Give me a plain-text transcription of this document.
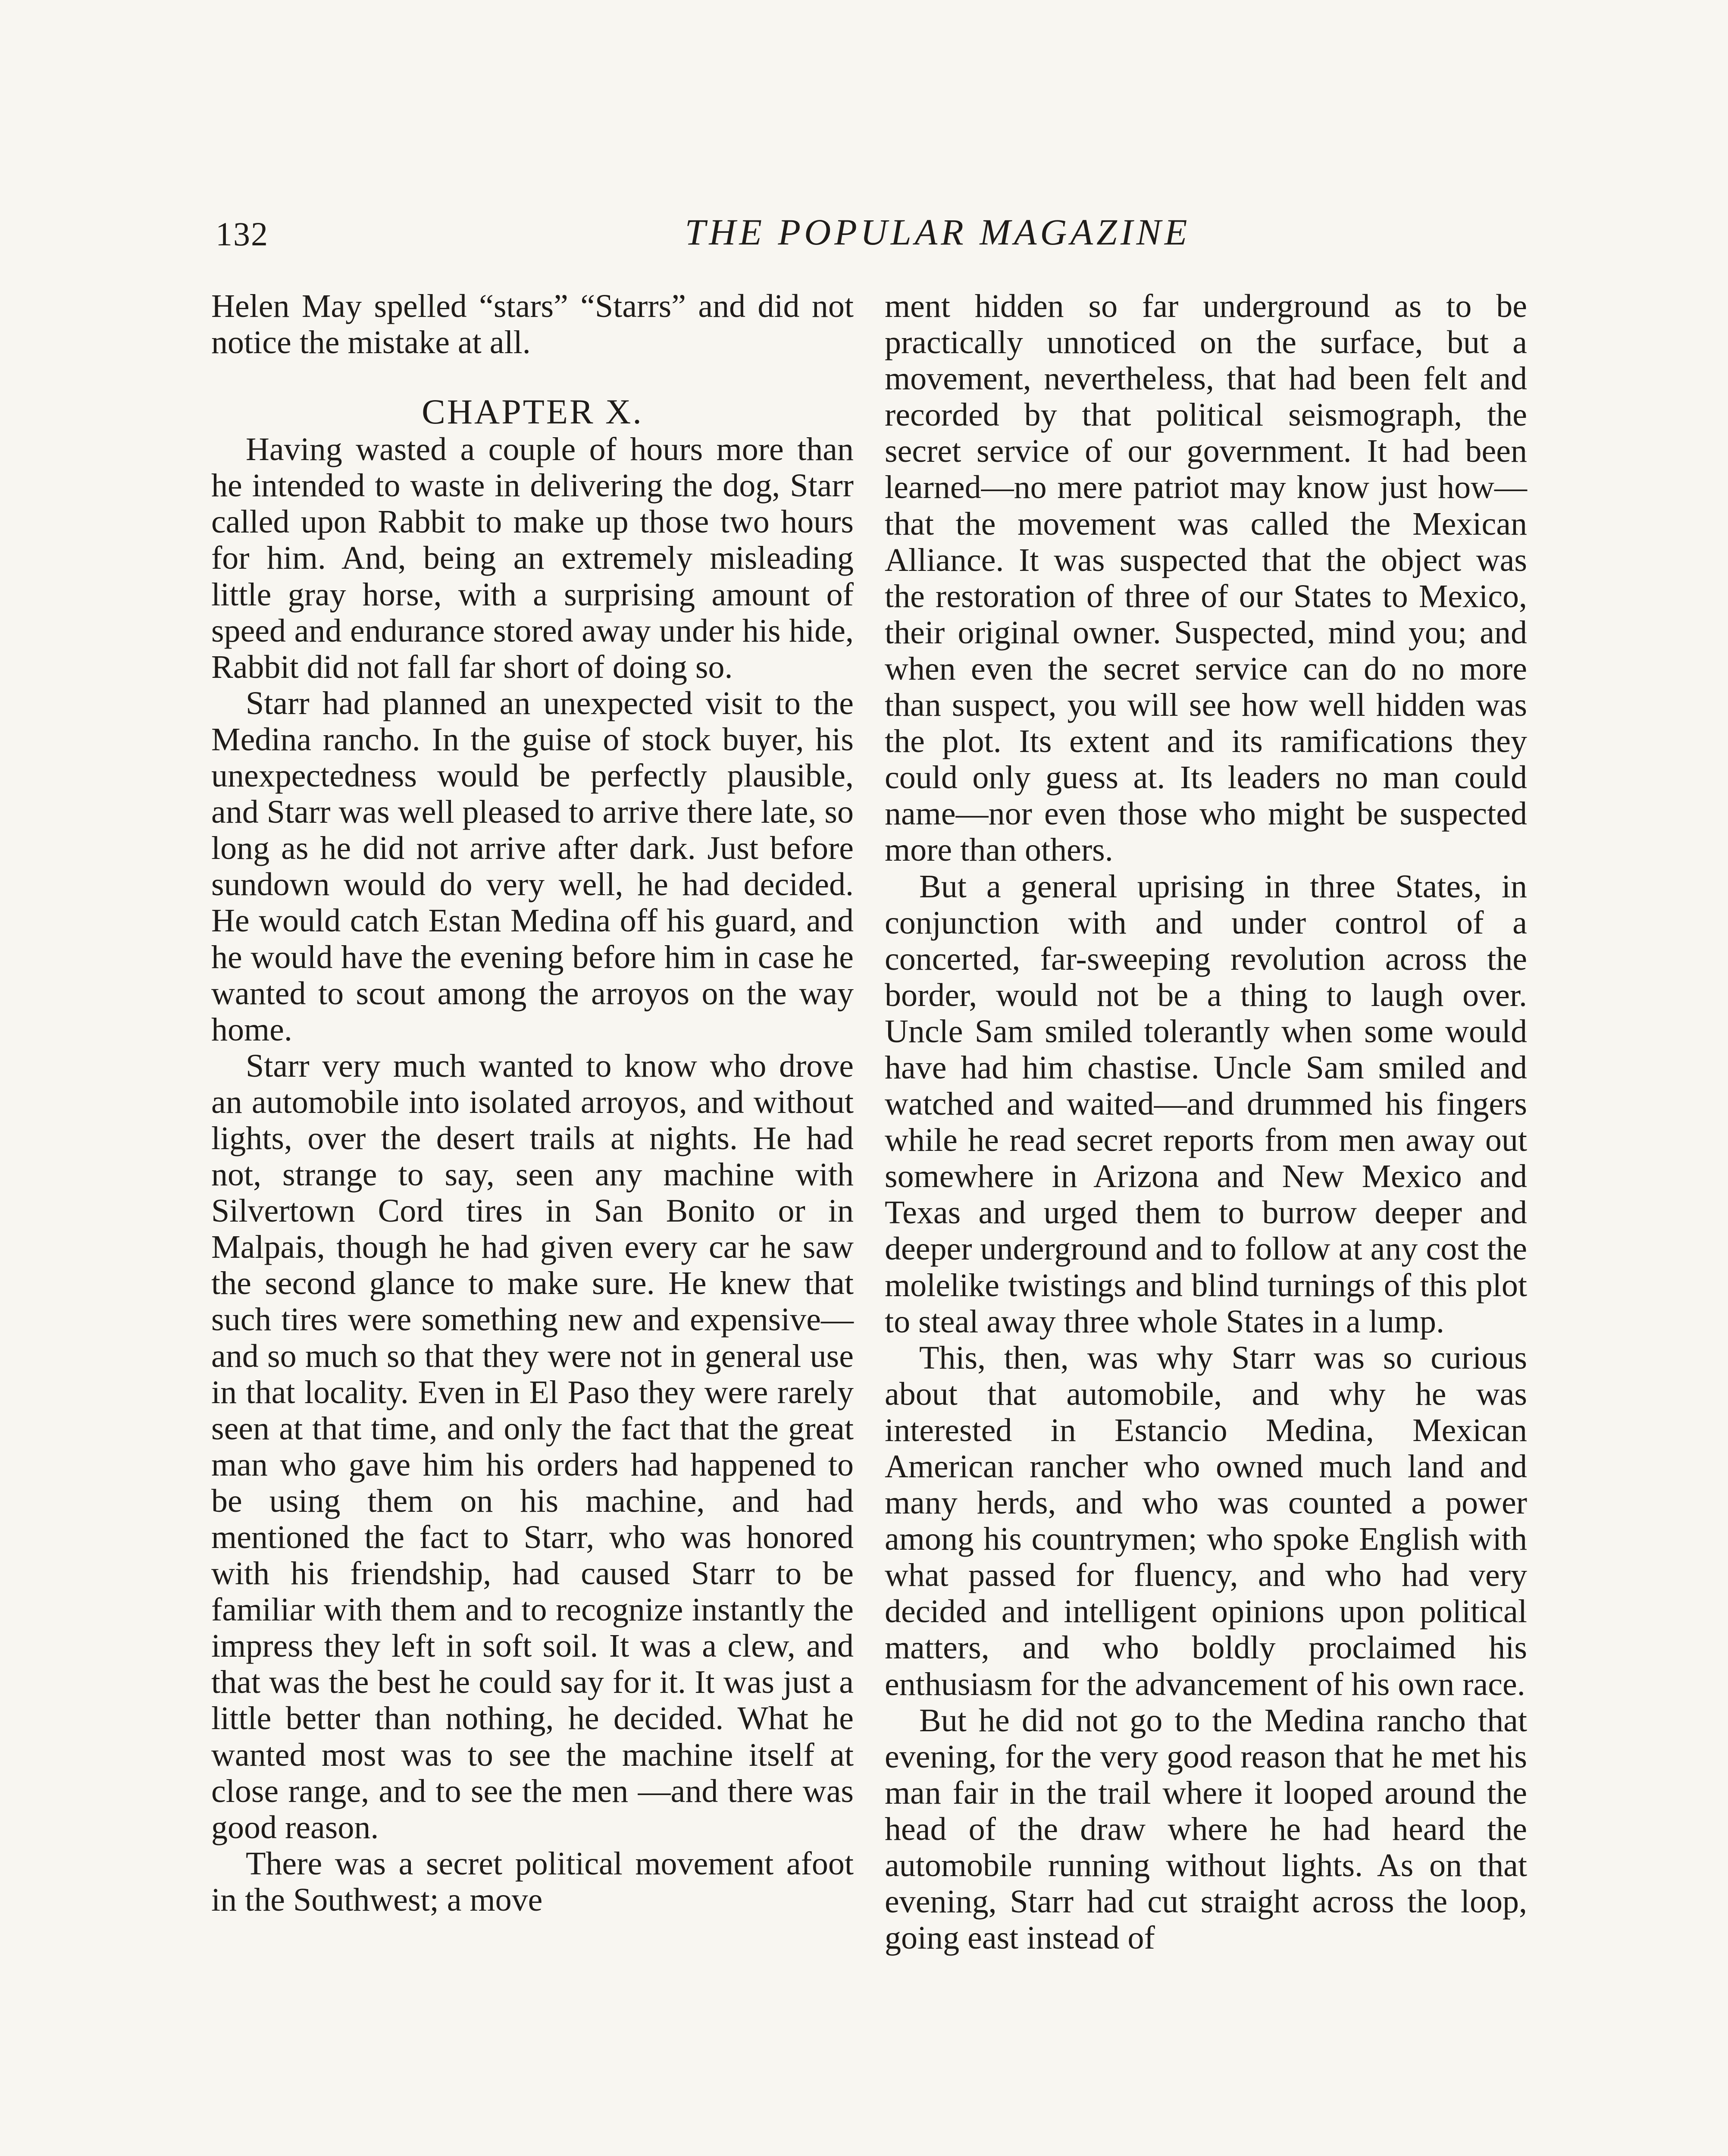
132	THE POPULAR MAGAZINE

Helen May spelled “stars” “Starrs” and did not notice the mistake at all.

CHAPTER X.

Having wasted a couple of hours more than he intended to waste in delivering the dog, Starr called upon Rabbit to make up those two hours for him. And, being an extremely misleading little gray horse, with a surprising amount of speed and endurance stored away under his hide, Rabbit did not fall far short of doing so.

Starr had planned an unexpected visit to the Medina rancho. In the guise of stock buyer, his unexpectedness would be perfectly plausible, and Starr was well pleased to arrive there late, so long as he did not arrive after dark. Just before sundown would do very well, he had decided. He would catch Estan Medina off his guard, and he would have the evening before him in case he wanted to scout among the arroyos on the way home.

Starr very much wanted to know who drove an automobile into isolated arroyos, and without lights, over the desert trails at nights. He had not, strange to say, seen any machine with Silvertown Cord tires in San Bonito or in Malpais, though he had given every car he saw the second glance to make sure. He knew that such tires were something new and expensive—and so much so that they were not in general use in that locality. Even in El Paso they were rarely seen at that time, and only the fact that the great man who gave him his orders had happened to be using them on his machine, and had mentioned the fact to Starr, who was honored with his friendship, had caused Starr to be familiar with them and to recognize instantly the impress they left in soft soil. It was a clew, and that was the best he could say for it. It was just a little better than nothing, he decided. What he wanted most was to see the machine itself at close range, and to see the men —and there was good reason.

There was a secret political movement afoot in the Southwest; a move

ment hidden so far underground as to be practically unnoticed on the surface, but a movement, nevertheless, that had been felt and recorded by that political seismograph, the secret service of our government. It had been learned—no mere patriot may know just how—that the movement was called the Mexican Alliance. It was suspected that the object was the restoration of three of our States to Mexico, their original owner. Suspected, mind you; and when even the secret service can do no more than suspect, you will see how well hidden was the plot. Its extent and its ramifications they could only guess at. Its leaders no man could name—nor even those who might be suspected more than others.

But a general uprising in three States, in conjunction with and under control of a concerted, far-sweeping revolution across the border, would not be a thing to laugh over. Uncle Sam smiled tolerantly when some would have had him chastise. Uncle Sam smiled and watched and waited—and drummed his fingers while he read secret reports from men away out somewhere in Arizona and New Mexico and Texas and urged them to burrow deeper and deeper underground and to follow at any cost the molelike twistings and blind turnings of this plot to steal away three whole States in a lump.

This, then, was why Starr was so curious about that automobile, and why he was interested in Estancio Medina, Mexican American rancher who owned much land and many herds, and who was counted a power among his countrymen; who spoke English with what passed for fluency, and who had very decided and intelligent opinions upon political matters, and who boldly proclaimed his enthusiasm for the advancement of his own race.

But he did not go to the Medina rancho that evening, for the very good reason that he met his man fair in the trail where it looped around the head of the draw where he had heard the automobile running without lights. As on that evening, Starr had cut straight across the loop, going east instead of
